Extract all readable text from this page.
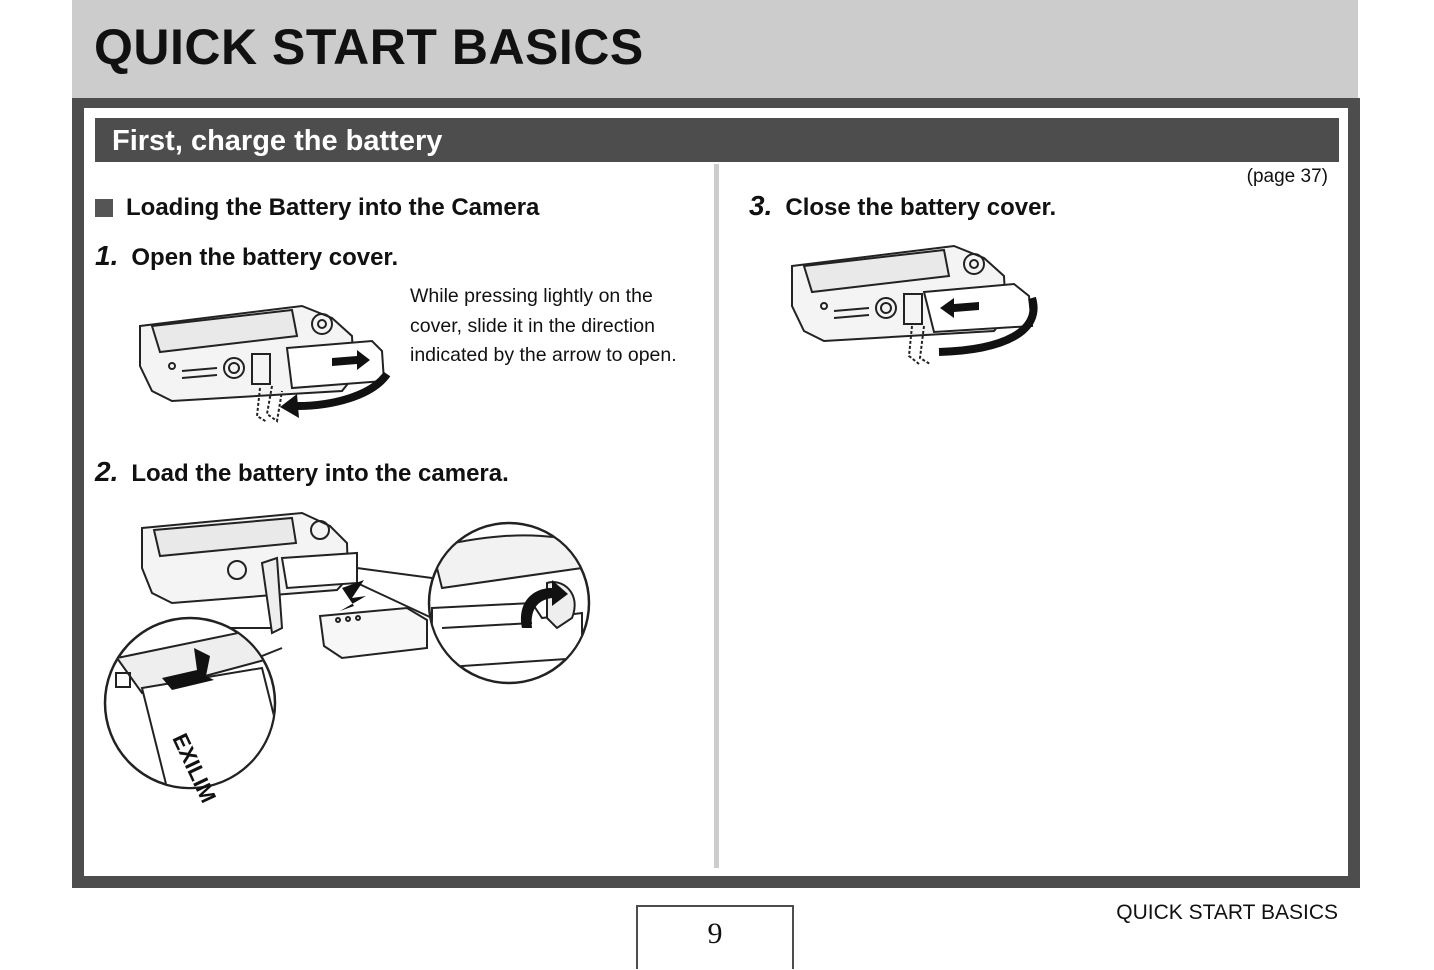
QUICK START BASICS
First, charge the battery
(page 37)
Loading the Battery into the Camera
1. Open the battery cover.
While pressing lightly on the cover, slide it in the direction indicated by the arrow to open.
2. Load the battery into the camera.
EXILIM
3. Close the battery cover.
9
QUICK START BASICS
